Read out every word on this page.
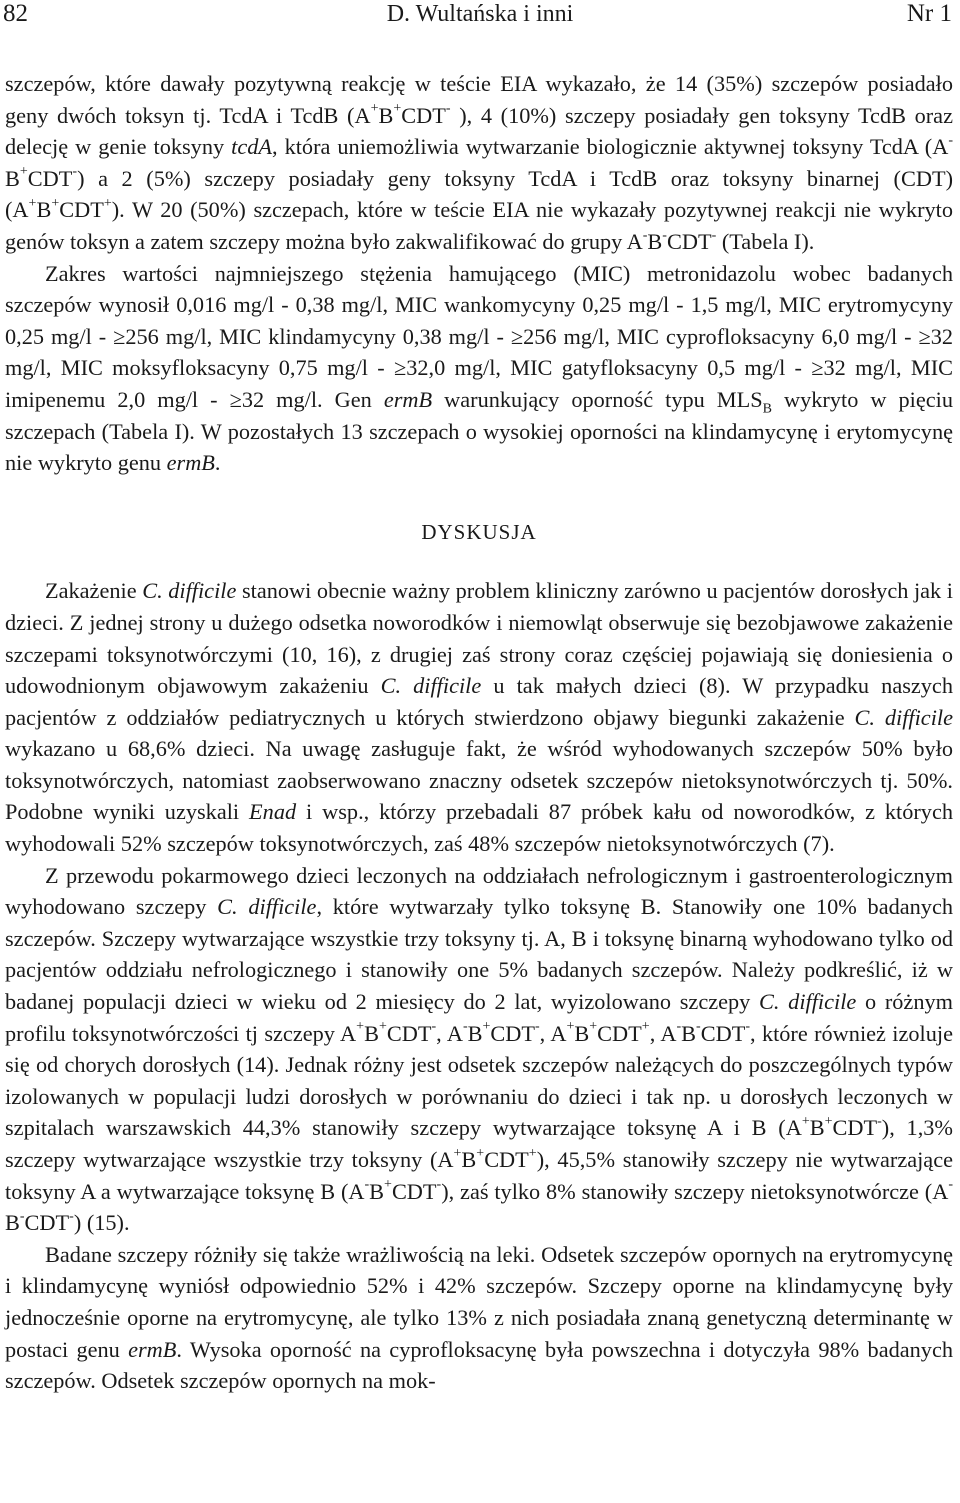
82	D. Wultańska i inni	Nr 1

szczepów, które dawały pozytywną reakcję w teście EIA wykazało, że 14 (35%) szczepów posiadało geny dwóch toksyn tj. TcdA i TcdB (A+B+CDT- ), 4 (10%) szczepy posiadały gen toksyny TcdB oraz delecję w genie toksyny tcdA, która uniemożliwia wytwarzanie biologicznie aktywnej toksyny TcdA (A-B+CDT-) a 2 (5%) szczepy posiadały geny toksyny TcdA i TcdB oraz toksyny binarnej (CDT) (A+B+CDT+). W 20 (50%) szczepach, które w teście EIA nie wykazały pozytywnej reakcji nie wykryto genów toksyn a zatem szczepy można było zakwalifikować do grupy A-B-CDT- (Tabela I).

Zakres wartości najmniejszego stężenia hamującego (MIC) metronidazolu wobec badanych szczepów wynosił 0,016 mg/l - 0,38 mg/l, MIC wankomycyny 0,25 mg/l - 1,5 mg/l, MIC erytromycyny 0,25 mg/l - ≥256 mg/l, MIC klindamycyny 0,38 mg/l - ≥256 mg/l, MIC cyprofloksacyny 6,0 mg/l - ≥32 mg/l, MIC moksyfloksacyny 0,75 mg/l - ≥32,0 mg/l, MIC gatyfloksacyny 0,5 mg/l - ≥32 mg/l, MIC imipenemu 2,0 mg/l - ≥32 mg/l. Gen ermB warunkujący oporność typu $MLS_B$ wykryto w pięciu szczepach (Tabela I). W pozostałych 13 szczepach o wysokiej oporności na klindamycynę i erytomycynę nie wykryto genu ermB.

DYSKUSJA

Zakażenie C. difficile stanowi obecnie ważny problem kliniczny zarówno u pacjentów dorosłych jak i dzieci. Z jednej strony u dużego odsetka noworodków i niemowląt obserwuje się bezobjawowe zakażenie szczepami toksynotwórczymi (10, 16), z drugiej zaś strony coraz częściej pojawiają się doniesienia o udowodnionym objawowym zakażeniu C. difficile u tak małych dzieci (8). W przypadku naszych pacjentów z oddziałów pediatrycznych u których stwierdzono objawy biegunki zakażenie C. difficile wykazano u 68,6% dzieci. Na uwagę zasługuje fakt, że wśród wyhodowanych szczepów 50% było toksynotwórczych, natomiast zaobserwowano znaczny odsetek szczepów nietoksynotwórczych tj. 50%. Podobne wyniki uzyskali Enad i wsp., którzy przebadali 87 próbek kału od noworodków, z których wyhodowali 52% szczepów toksynotwórczych, zaś 48% szczepów nietoksynotwórczych (7).

Z przewodu pokarmowego dzieci leczonych na oddziałach nefrologicznym i gastroenterologicznym wyhodowano szczepy C. difficile, które wytwarzały tylko toksynę B. Stanowiły one 10% badanych szczepów. Szczepy wytwarzające wszystkie trzy toksyny tj. A, B i toksynę binarną wyhodowano tylko od pacjentów oddziału nefrologicznego i stanowiły one 5% badanych szczepów. Należy podkreślić, iż w badanej populacji dzieci w wieku od 2 miesięcy do 2 lat, wyizolowano szczepy C. difficile o różnym profilu toksynotwórczości tj szczepy A+B+CDT-, A-B+CDT-, A+B+CDT+, A-B-CDT-, które również izoluje się od chorych dorosłych (14). Jednak różny jest odsetek szczepów należących do poszczególnych typów izolowanych w populacji ludzi dorosłych w porównaniu do dzieci i tak np. u dorosłych leczonych w szpitalach warszawskich 44,3% stanowiły szczepy wytwarzające toksynę A i B (A+B+CDT-), 1,3% szczepy wytwarzające wszystkie trzy toksyny (A+B+CDT+), 45,5% stanowiły szczepy nie wytwarzające toksyny A a wytwarzające toksynę B (A-B+CDT-), zaś tylko 8% stanowiły szczepy nietoksynotwórcze (A-B-CDT-) (15).

Badane szczepy różniły się także wrażliwością na leki. Odsetek szczepów opornych na erytromycynę i klindamycynę wyniósł odpowiednio 52% i 42% szczepów. Szczepy oporne na klindamycynę były jednocześnie oporne na erytromycynę, ale tylko 13% z nich posiadała znaną genetyczną determinantę w postaci genu ermB. Wysoka oporność na cyprofloksacynę była powszechna i dotyczyła 98% badanych szczepów. Odsetek szczepów opornych na mok-
